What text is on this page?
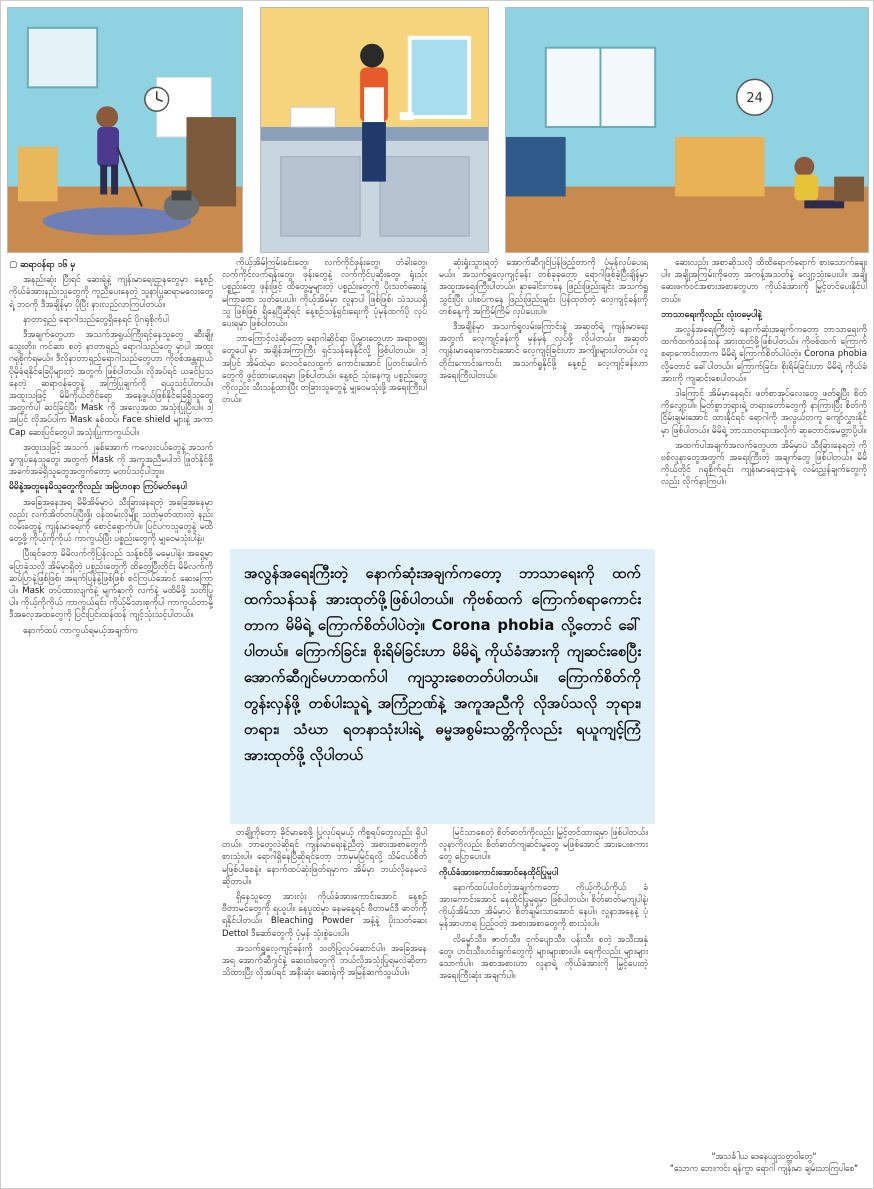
24

▢ ဆရာဝန်ရာ ၁၆ မှ

အနည်းဆုံး ပြီးရင် ဆေးရုံနဲ့ ကျန်းမာရေးဌာနတွေမှာ နေ့စဉ် ကိုယ်ခံအားနည်းသူတွေကို ကူညီပေးနေတဲ့ သူနာပြုဆရာမလေးတွေရဲ့ ဘဝကို ဒီအချိန်မှာ ပိုပြီး နားလည်လာကြပါတယ်။

နာတာရှည် ရောဂါသည်တွေရှိနေရင် ပိုဂရုစိုက်ပါ

ဒီအချက်တွေဟာ အသက်အရွယ်ကြီးရင့်နေသူတွေ ဆီးချို၊ သွေးတိုး၊ ကင်ဆာ စတဲ့ နာတာရှည် ရောဂါသည်တွေ မှာပါ အထူးဂရုစိုက်ရမယ်။ ဒီလိုနာတာရှည်ရောဂါသည်တွေဟာ ကိုဗစ်အန္တရာယ်ပိုမိုခံရနိုင်ခြေပိုများတဲ့ အတွက် ဖြစ်ပါတယ်။ လိုအပ်ရင် ယခင်ပြသနေတဲ့ ဆရာဝန်တွေနဲ့ အကြံပြုချက်ကို ရယူသင့်ပါတယ်။ အထူးသဖြင့် မိမိကိုယ်တိုင်ရော အနေ့ဖွယ်ဖြစ်နိုင်ခြေရှိသူတွေအတွက်ပါ ဆင်ခြင်ပြီး Mask ကို အလေ့အထ အသုံးပြုပြီးပါ။ ဒါ့အပြင် လိုအပ်ပါက Mask နှစ်ထပ်၊ Face shield များနဲ့ အကာ Cap ဆေးပြင်တွေပါ အသုံးပြုကာကွယ်ပါ။

အထူးသဖြင့် အသက် ၂နှစ်အောက် ကလေးငယ်တွေနဲ့ အသက်ရှုကျပ်နေသူတွေ၊ အတွက် Mask ကို အကူအညီမပါဘဲ ဖြုတ်နိုင်ဖို့ အခက်အခဲရှိသူတွေအတွက်တော့ မတပ်သင့်ပါဘူး။

မိမိနဲ့အတူနေမိသူတွေကိုလည်း အမြဲပာဝနာ ကြပ်မတ်နေပါ

အခြေအနေအရ မိမိအိမ်မှာပဲ သီးခြားနေရတဲ့ အခြေအနေမှာလည်း လက်အိတ်တပ်ပြီးဖို့၊ ဝန်ထမ်းလိုမျိုး သတ်မှတ်ထားတဲ့ နည်းလမ်းတွေနဲ့ ကျန်းမာရေးကို စောင့်ရှောက်ပါ။ ပြင်ပကသူတွေနဲ့ မထိတွေ့ဖို့ ကိုယ့်ကိုကိုယ် ကာကွယ်ပြီး ပစ္စည်းတွေကို မျှဝေမသုံးပါနဲ့။

ပြီးရင်တော့ မိမိလက်ကိုပြန်လည် သန့်စင်ဖို့ မမေ့ပါနဲ့။ အရှေ့မှာ ပြောခဲ့သလို အိမ်မှာရှိတဲ့ ပစ္စည်းတွေကို ထိတွေ့ပြီးတိုင်း မိမိလက်ကို ဆပ်ပြာနဲ့ဖြစ်ဖြစ်၊ အရက်ပြန်နဲ့ဖြစ်ဖြစ် စင်ကြယ်အောင် ဆေးကြောပါ။ Mask တပ်ထားလျက်နဲ့ မျက်နှာကို လက်နဲ့ မထိမိဖို့ သတိပြုပါ။ ကိုယ့်ကိုကိုယ် ကာကွယ်ရင်း ကိုယ့်မိသားစုကိုပါ ကာကွယ်တာမို့ ဒီအလေ့အထတွေကို ပြင်းပြင်းထန်ထန် ကျင့်သုံးသင့်ပါတယ်။

နောက်ထပ် ကာကွယ်ရမယ့်အချက်က

ကိုယ့်အိမ်ကြမ်းခင်းတွေ၊ လက်ကိုင်ဖုန်းတွေ၊ တံခါးတွေ၊ လက်ကိုင်လက်ရန်းတွေ၊ ဖုန်းတွေနဲ့ လက်ကိုင်ပုဆိုးတွေ၊ ရုံးသုံးပစ္စည်းတွေ ဖုန်းဖြင့် ထိတွေ့မှုများတဲ့ ပစ္စည်းတွေကို ပိုးသတ်ဆေးနဲ့ မကြာခဏ သုတ်ပေးပါ။ ကိုယ့်အိမ်မှာ လူနာပါ ဖြစ်ဖြစ်၊ သံသယရှိသူ ဖြစ်ဖြစ် ရှိနေပြီဆိုရင် နေ့စဉ်သန့်ရှင်းရေးကို ပုံမှန်ထက်ပို လုပ်ပေးရမှာ ဖြစ်ပါတယ်။

ဘာကြောင့်လဲဆိုတော့ ရောဂါဆိုင်ရာ ပိုးမွှားတွေဟာ အရာဝတ္ထုတွေပေါ်မှာ အချိန်အကြာကြီး ရှင်သန်နေနိုင်လို့ ဖြစ်ပါတယ်။ ဒါ့အပြင် အိမ်ထဲမှာ လေဝင်လေထွက် ကောင်းအောင် ပြတင်းပေါက်တွေကို ဖွင့်ထားပေးရမှာ ဖြစ်ပါတယ်။ နေ့စဉ် သုံးနေကျ ပစ္စည်းတွေကိုလည်း သီးသန့်ထားပြီး တခြားသူတွေနဲ့ မျှဝေမသုံးဖို့ အရေးကြီးပါတယ်။

ဆုံးရှုံးသွားရတဲ့ အောက်ဆီဂျင်ပြန်ဖြည့်တာကို ပုံမှန်လုပ်ပေးရမယ်။ အသက်ရှူလေ့ကျင့်ခန်း တစ်ခုခုတော့ ရောဂါဖြစ်ခဲ့ပြီးချိန်မှာ အထူးအရေးကြီးပါတယ်။ နှာခေါင်းကနေ ဖြည်းဖြည်းချင်း အသက်ရှူသွင်းပြီး ပါးစပ်ကနေ ဖြည်းဖြည်းချင်း ပြန်ထုတ်တဲ့ လေ့ကျင့်ခန်းကို တစ်နေ့ကို အကြိမ်ကြိမ် လုပ်ပေးပါ။

ဒီအချိန်မှာ အသက်ရှုလမ်းကြောင်းနဲ့ အဆုတ်ရဲ့ ကျန်းမာရေးအတွက် လေ့ကျင့်ခန်းကို မှန်မှန် လုပ်ဖို့ လိုပါတယ်။ အဆုတ်ကျန်းမာရေးကောင်းအောင် လေ့ကျင့်ခြင်းဟာ အကျိုးများပါတယ်။ လူတိုင်းကောင်းကောင်း အသက်ရှုနိုင်ဖို့ နေ့စဉ် လေ့ကျင့်ခန်းဟာ အရေးကြီးပါတယ်။

အလွန်အရေးကြီးတဲ့ နောက်ဆုံးအချက်ကတော့ ဘာသာရေးကို ထက်ထက်သန်သန် အားထုတ်ဖို့ဖြစ်ပါတယ်။ ကိုဗစ်ထက် ကြောက်စရာကောင်းတာက မိမိရဲ့ ကြောက်စိတ်ပါပဲတဲ့။ Corona phobia လို့တောင် ခေါ်ပါတယ်။ ကြောက်ခြင်း၊ စိုးရိမ်ခြင်းဟာ မိမိရဲ့ ကိုယ်ခံအားကို ကျဆင်းစေပြီး အောက်ဆီဂျင်မဟာထက်ပါ ကျသွားစေတတ်ပါတယ်။ ကြောက်စိတ်ကိုတွန်းလှန်ဖို့ တစ်ပါးသူရဲ့ အကြံဉာဏ်နဲ့ အကူအညီကို လိုအပ်သလို ဘုရား၊ တရား၊ သံဃာ ရတနာသုံးပါးရဲ့ ဓမ္မအစွမ်းသတ္တိကိုလည်း ရယူကျင့်ကြံအားထုတ်ဖို့ လိုပါတယ်

တချို့ကိုတော့ ခိုင်မာစေဖို့ ပြုလုပ်ရမယ့် ကိစ္စရပ်တွေလည်း ရှိပါတယ်။ ဘာတွေလဲဆိုရင် ကျန်းမာရေးနဲ့ညီတဲ့ အစားအစာတွေကို စားသုံးပါ။ ရောဂါရှိနေပြီဆိုရင်တော့ ဘာမှမမြင်ရလို့ သိမ်ငယ်စိတ် မဖြစ်ပါစေနဲ့။ နောက်ထပ်ဆုံးဖြတ်ရမှာက အိမ်မှာ ဘယ်လိုနေမလဲ ဆိုတာပါ။

ရှိနေသူတွေ အားလုံး ကိုယ်ခံအားကောင်းအောင် နေ့စဉ်ဗီတာမင်တွေကို ရယူပါ။ နေပူထဲမှာ နေမနေ့ရင် ဗီတာမင်ဒီ ဓာတ်ကို ရနိုင်ပါတယ်။ Bleaching Powder အနံ့နဲ့ ပိုးသတ်ဆေး Dettol ဒီဆော်တွေကို ပုံမှန် သုံးစွဲပေးပါ။

အသက်ရှူလေ့ကျင့်ခန်းကို သတိပြုလုပ်ဆောင်ပါ။ အခြေအနေအရ အောက်ဆီဂျင်နဲ့ ဆေးဝါးတွေကို ဘယ်လိုအသုံးပြုရမလဲဆိုတာ သိထားပြီး လိုအပ်ရင် အနီးဆုံး ဆေးရုံကို အမြန်ဆက်သွယ်ပါ။

မြင်သာစေတဲ့ စိတ်ဓာတ်ကိုလည်း မြှင့်တင်ထားရမှာ ဖြစ်ပါတယ်။ လူနာကိုလည်း စိတ်ဓာတ်ကျဆင်းမှုတွေ မဖြစ်အောင် အားပေးစကားတွေ ပြောပေးပါ။

ကိုယ်ခံအားကောင်းအောင်နေထိုင်ပြုမူပါ

နောက်ထပ်ပါဝင်တဲ့အချက်ကတော့ ကိုယ့်ကိုယ်ကိုယ် ခံအားကောင်းအောင် နေထိုင်ပြုမူရမှာ ဖြစ်ပါတယ်။ စိတ်ဓာတ်မကျပါနဲ့၊ ကိုယ့်အိမ်သာ အိမ်မှာပဲ စိတ်ချမ်းသာအောင် နေပါ။ လူနာအနေနဲ့ ပုံမှန်အာဟာရ ပြည့်ဝတဲ့ အစားအစာတွေကို စားသုံးပါ။

လိမ္မော်သီး၊ ဇာတ်သီး၊ ငှက်ပျောသီး၊ ပန်းသီး စတဲ့ အသီးအနှံတွေ၊ ဟင်းသီးဟင်းရွက်တွေကို များများစားပါ။ ရေကိုလည်း များများသောက်ပါ။ အစာအစားဟာ လူနာရဲ့ ကိုယ်ခံအားကို မြှင့်ပေးတဲ့ အရေးကြီးဆုံး အချက်ပါ။

ဆေးလည်း အစာဆိုသလို ထိထိရောက်ရောက် စားသောက်ချေးပါ။ အချိုအကြမ်းကိုတော့ အကန့်အသတ်နဲ့ လျှော့သုံးပေးပါ။ အချို ဆေးဖက်ဝင်အစားအစာတွေဟာ ကိုယ်ခံအားကို မြှင့်တင်ပေးနိုင်ပါတယ်။

ဘာသာရေးကိုလည်း လုံးဝမေ့ပါနဲ့

အလွန်အရေးကြီးတဲ့ နောက်ဆုံးအချက်ကတော့ ဘာသာရေးကို ထက်ထက်သန်သန် အားထုတ်ဖို့ဖြစ်ပါတယ်။ ကိုဗစ်ထက် ကြောက်စရာကောင်းတာက မိမိရဲ့ ကြောက်စိတ်ပါပဲတဲ့။ Corona phobia လို့တောင် ခေါ်ပါတယ်။ ကြောက်ခြင်း၊ စိုးရိမ်ခြင်းဟာ မိမိရဲ့ ကိုယ်ခံအားကို ကျဆင်းစေပါတယ်။

ဒါကြောင့် အိမ်မှာနေရင်း ဖတ်စာအုပ်လေးတွေ ဖတ်ရှုပြီး စိတ်ကိုလျှော့ပါ။ မြတ်စွာဘုရားရဲ့ တရားတော်တွေကို နာကြားပြီး စိတ်ကို ငြိမ်းချမ်းအောင် ထားနိုင်ရင် ရောဂါကို အလွယ်တကူ ကျော်လွှားနိုင်မှာ ဖြစ်ပါတယ်။ မိမိရဲ့ ဘာသာတရားအလိုက် ဆုတောင်းမေတ္တာပို့ပါ။

အထက်ပါအချက်အလက်တွေဟာ အိမ်မှာပဲ သီးခြားနေရတဲ့ ကိုဗစ်လူနာတွေအတွက် အရေးကြီးတဲ့ အချက်တွေ ဖြစ်ပါတယ်။ မိမိကိုယ်တိုင် ဂရုစိုက်ရင်း ကျန်းမာရေးဌာနရဲ့ လမ်းညွှန်ချက်တွေကိုလည်း လိုက်နာကြပါ။

"အသင်္ခါယ ဒေနေယျသတ္တဝါတွေ"
"သောက ဘေးကင်း ရန်ကွာ ရောဂါ ကျန်းမာ ချမ်းသာကြပါစေ"
